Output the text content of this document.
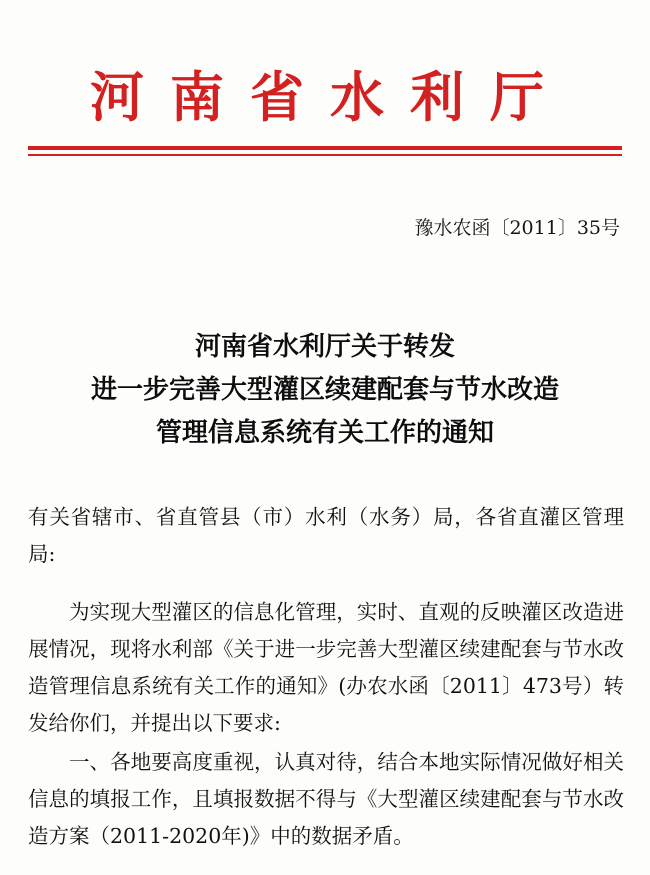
河南省水利厅
豫水农函〔2011〕35号
河南省水利厅关于转发
进一步完善大型灌区续建配套与节水改造
管理信息系统有关工作的通知

有关省辖市、省直管县（市）水利（水务）局，各省直灌区管理局:

为实现大型灌区的信息化管理，实时、直观的反映灌区改造进展情况，现将水利部《关于进一步完善大型灌区续建配套与节水改造管理信息系统有关工作的通知》(办农水函〔2011〕473号）转发给你们，并提出以下要求:

一、各地要高度重视，认真对待，结合本地实际情况做好相关信息的填报工作，且填报数据不得与《大型灌区续建配套与节水改造方案（2011-2020年)》中的数据矛盾。
